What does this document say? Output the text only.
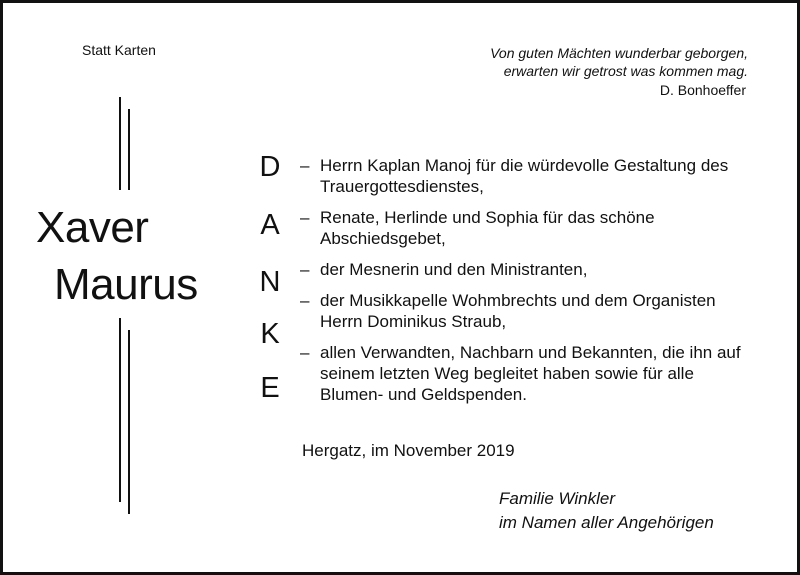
Statt Karten	Von guten Mächten wunderbar geborgen,
erwarten wir getrost was kommen mag.
D. Bonhoeffer
Xaver
Maurus
D
A
N
K
E
– Herrn Kaplan Manoj für die würdevolle Gestaltung des Trauergottesdienstes,
– Renate, Herlinde und Sophia für das schöne Abschiedsgebet,
– der Mesnerin und den Ministranten,
– der Musikkapelle Wohmbrechts und dem Organisten Herrn Dominikus Straub,
– allen Verwandten, Nachbarn und Bekannten, die ihn auf seinem letzten Weg begleitet haben sowie für alle Blumen- und Geldspenden.
Hergatz, im November 2019
Familie Winkler
im Namen aller Angehörigen
